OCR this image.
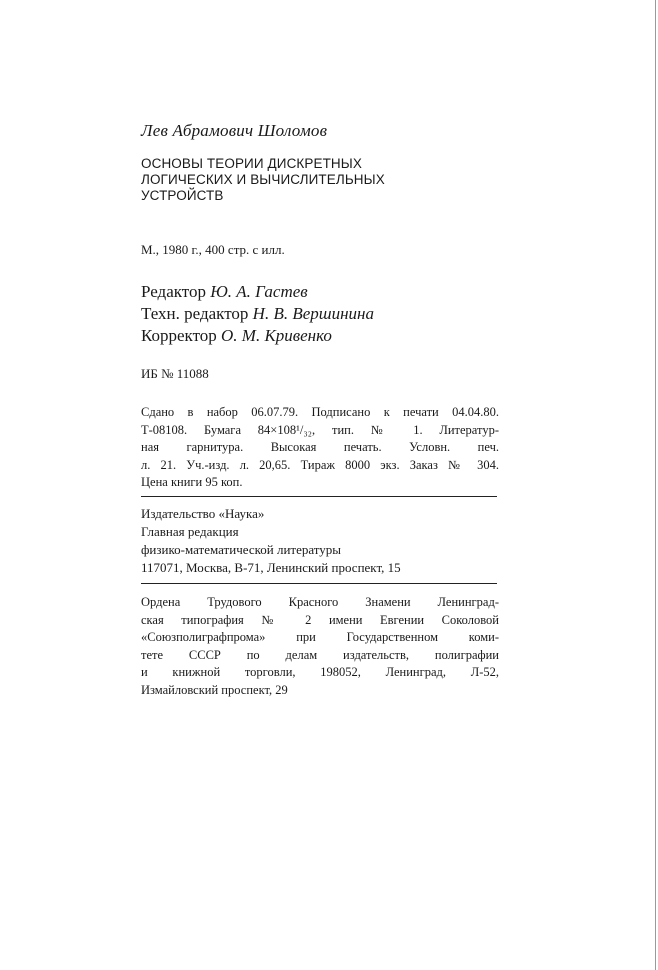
Лев Абрамович Шоломов
ОСНОВЫ ТЕОРИИ ДИСКРЕТНЫХ
ЛОГИЧЕСКИХ И ВЫЧИСЛИТЕЛЬНЫХ
УСТРОЙСТВ
М., 1980 г., 400 стр. с илл.
Редактор Ю. А. Гастев
Техн. редактор Н. В. Вершинина
Корректор О. М. Кривенко
ИБ № 11088
Сдано в набор 06.07.79. Подписано к печати 04.04.80.
Т-08108. Бумага 84×108¹/₃₂, тип. № 1. Литератур-
ная гарнитура. Высокая печать. Условн. печ.
л. 21. Уч.-изд. л. 20,65. Тираж 8000 экз. Заказ № 304.
Цена книги 95 коп.
Издательство «Наука»
Главная редакция
физико-математической литературы
117071, Москва, В-71, Ленинский проспект, 15
Ордена Трудового Красного Знамени Ленинград-
ская типография № 2 имени Евгении Соколовой
«Союзполиграфпрома» при Государственном коми-
тете СССР по делам издательств, полиграфии
и книжной торговли, 198052, Ленинград, Л-52,
Измайловский проспект, 29
